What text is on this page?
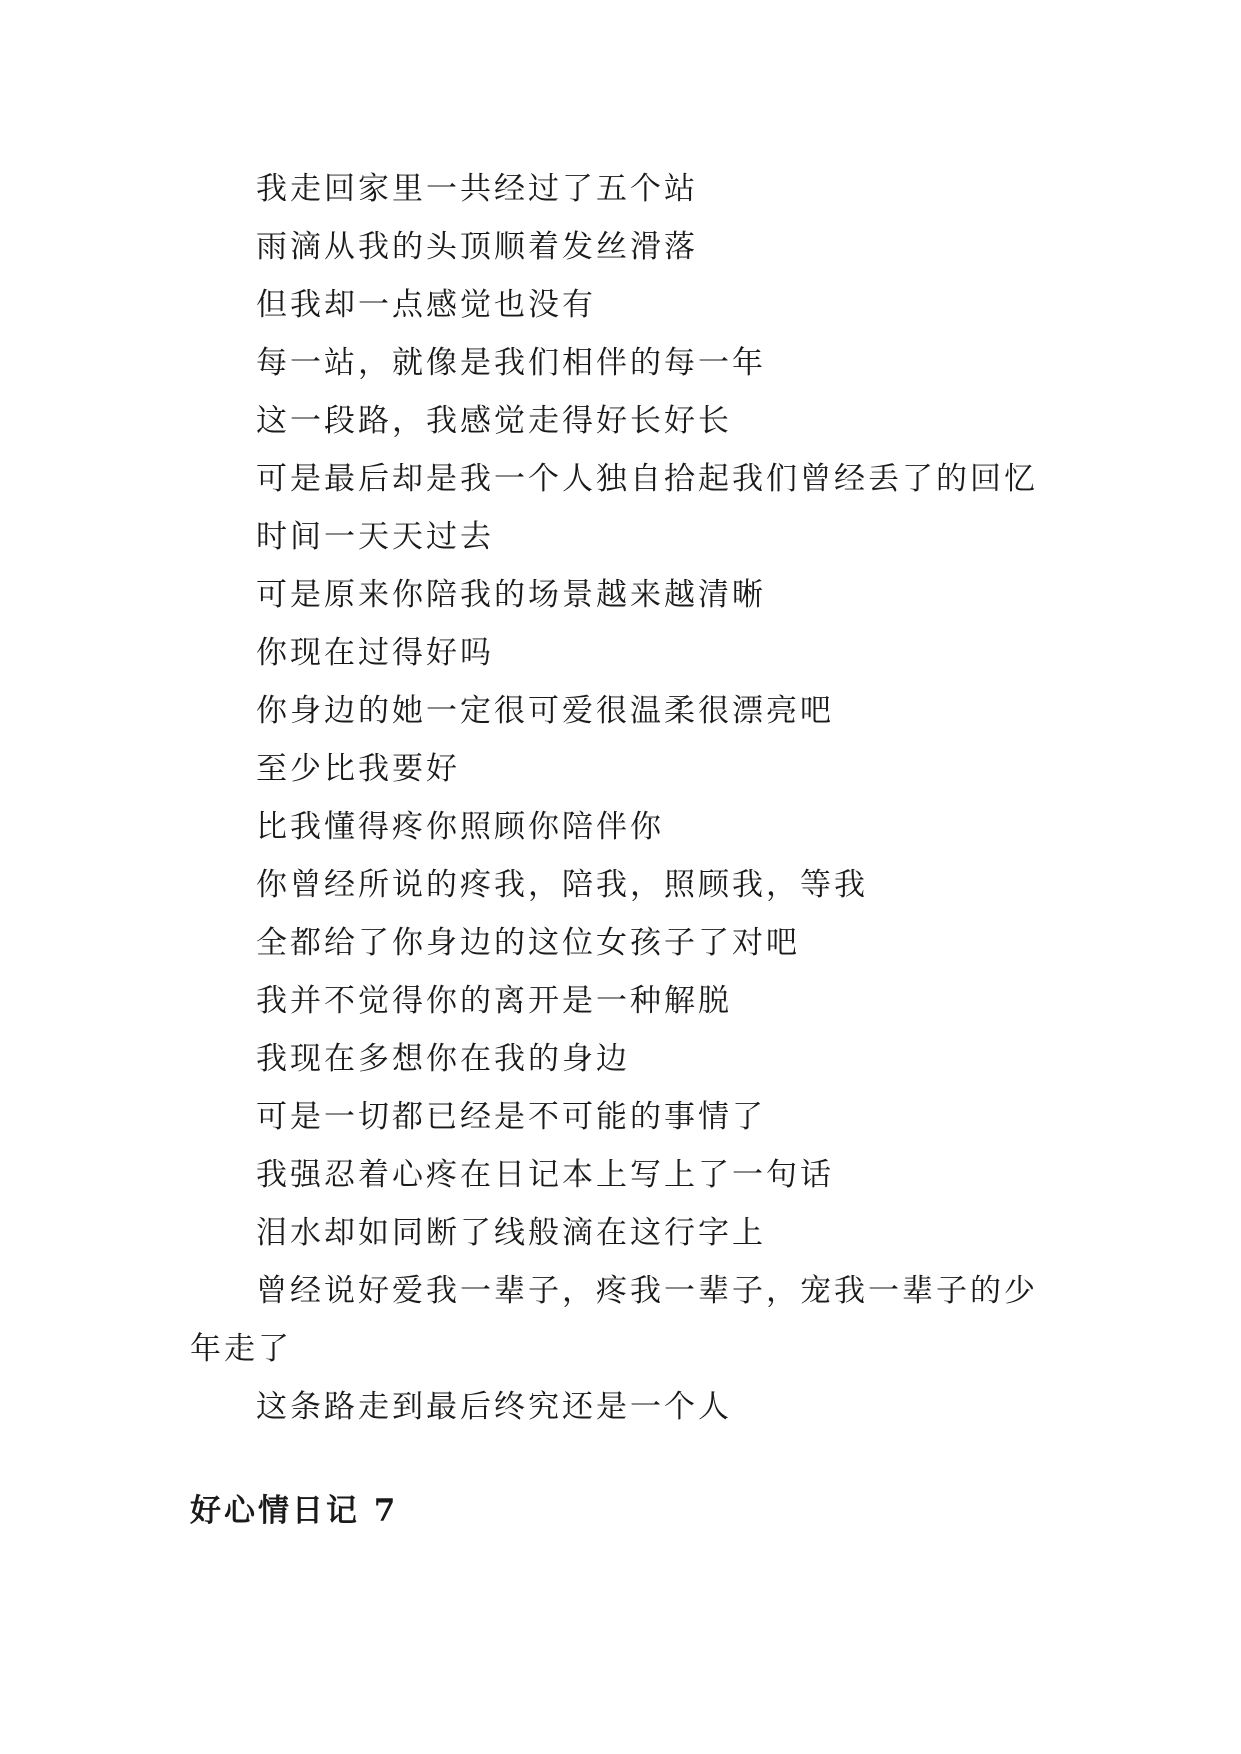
我走回家里一共经过了五个站

雨滴从我的头顶顺着发丝滑落

但我却一点感觉也没有

每一站，就像是我们相伴的每一年

这一段路，我感觉走得好长好长

可是最后却是我一个人独自拾起我们曾经丢了的回忆

时间一天天过去

可是原来你陪我的场景越来越清晰

你现在过得好吗

你身边的她一定很可爱很温柔很漂亮吧

至少比我要好

比我懂得疼你照顾你陪伴你

你曾经所说的疼我，陪我，照顾我，等我

全都给了你身边的这位女孩子了对吧

我并不觉得你的离开是一种解脱

我现在多想你在我的身边

可是一切都已经是不可能的事情了

我强忍着心疼在日记本上写上了一句话

泪水却如同断了线般滴在这行字上

曾经说好爱我一辈子，疼我一辈子，宠我一辈子的少年走了

这条路走到最后终究还是一个人

好心情日记 7
